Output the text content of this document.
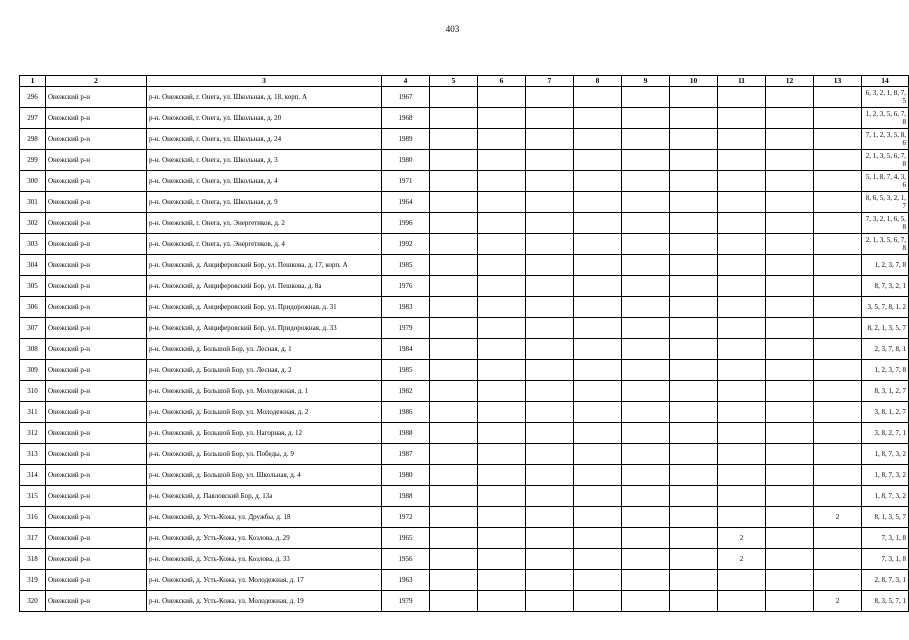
403
1	2	3	4	5	6	7	8	9	10	11	12	13	14
296	Онежский р-н	р-н. Онежский, г. Онега, ул. Школьная, д. 18, корп. А	1967										6, 3, 2, 1, 8, 7, 5
297	Онежский р-н	р-н. Онежский, г. Онега, ул. Школьная, д. 20	1968										1, 2, 3, 5, 6, 7, 8
298	Онежский р-н	р-н. Онежский, г. Онега, ул. Школьная, д. 24	1989										7, 1, 2, 3, 5, 8, 6
299	Онежский р-н	р-н. Онежский, г. Онега, ул. Школьная, д. 3	1980										2, 1, 3, 5, 6, 7, 8
300	Онежский р-н	р-н. Онежский, г. Онега, ул. Школьная, д. 4	1971										5, 1, 8, 7, 4, 3, 6
301	Онежский р-н	р-н. Онежский, г. Онега, ул. Школьная, д. 9	1964										8, 6, 5, 3, 2, 1, 7
302	Онежский р-н	р-н. Онежский, г. Онега, ул. Энергетиков, д. 2	1996										7, 3, 2, 1, 6, 5, 8
303	Онежский р-н	р-н. Онежский, г. Онега, ул. Энергетиков, д. 4	1992										2, 1, 3, 5, 6, 7, 8
304	Онежский р-н	р-н. Онежский, д. Анциферовский Бор, ул. Пешкова, д. 17, корп. А	1985										1, 2, 3, 7, 8
305	Онежский р-н	р-н. Онежский, д. Анциферовский Бор, ул. Пешкова, д. 8а	1976										8, 7, 3, 2, 1
306	Онежский р-н	р-н. Онежский, д. Анциферовский Бор, ул. Придорожная, д. 31	1983										3, 5, 7, 8, 1, 2
307	Онежский р-н	р-н. Онежский, д. Анциферовский Бор, ул. Придорожная, д. 33	1979										8, 2, 1, 3, 5, 7
308	Онежский р-н	р-н. Онежский, д. Большой Бор, ул. Лесная, д. 1	1984										2, 3, 7, 8, 1
309	Онежский р-н	р-н. Онежский, д. Большой Бор, ул. Лесная, д. 2	1985										1, 2, 3, 7, 8
310	Онежский р-н	р-н. Онежский, д. Большой Бор, ул. Молодежная, д. 1	1982										8, 3, 1, 2, 7
311	Онежский р-н	р-н. Онежский, д. Большой Бор, ул. Молодежная, д. 2	1986										3, 8, 1, 2, 7
312	Онежский р-н	р-н. Онежский, д. Большой Бор, ул. Нагорная, д. 12	1988										3, 8, 2, 7, 1
313	Онежский р-н	р-н. Онежский, д. Большой Бор, ул. Победы, д. 9	1987										1, 8, 7, 3, 2
314	Онежский р-н	р-н. Онежский, д. Большой Бор, ул. Школьная, д. 4	1980										1, 8, 7, 3, 2
315	Онежский р-н	р-н. Онежский, д. Павловский Бор, д. 13а	1988										1, 8, 7, 3, 2
316	Онежский р-н	р-н. Онежский, д. Усть-Кожа, ул. Дружбы, д. 18	1972									2	8, 1, 3, 5, 7
317	Онежский р-н	р-н. Онежский, д. Усть-Кожа, ул. Козлова, д. 29	1965							2			7, 3, 1, 8
318	Онежский р-н	р-н. Онежский, д. Усть-Кожа, ул. Козлова, д. 33	1956							2			7, 3, 1, 8
319	Онежский р-н	р-н. Онежский, д. Усть-Кожа, ул. Молодежная, д. 17	1963										2, 8, 7, 3, 1
320	Онежский р-н	р-н. Онежский, д. Усть-Кожа, ул. Молодежная, д. 19	1979									2	8, 3, 5, 7, 1
